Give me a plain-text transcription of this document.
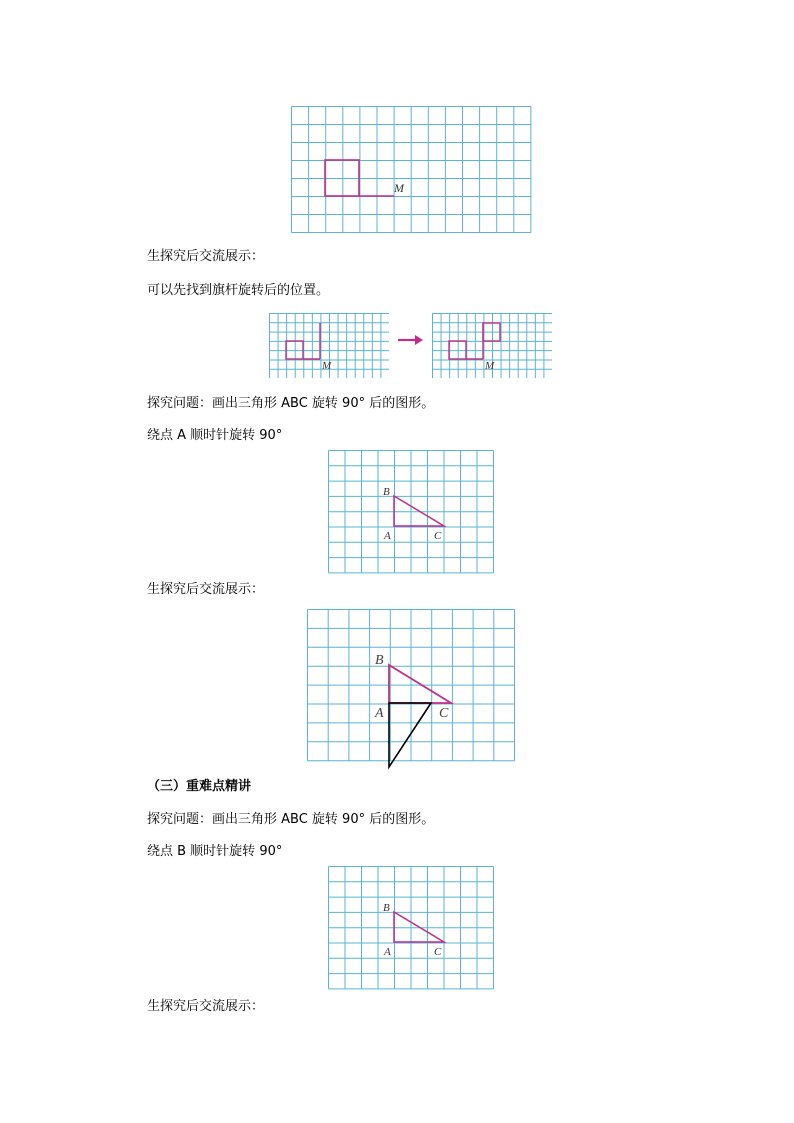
M
生探究后交流展示：
可以先找到旗杆旋转后的位置。
M	M
探究问题：画出三角形 ABC 旋转 90° 后的图形。
绕点 A 顺时针旋转 90°
B
A	C
生探究后交流展示：
B
A	C
（三）重难点精讲
探究问题：画出三角形 ABC 旋转 90° 后的图形。
绕点 B 顺时针旋转 90°
B
A	C
生探究后交流展示：
